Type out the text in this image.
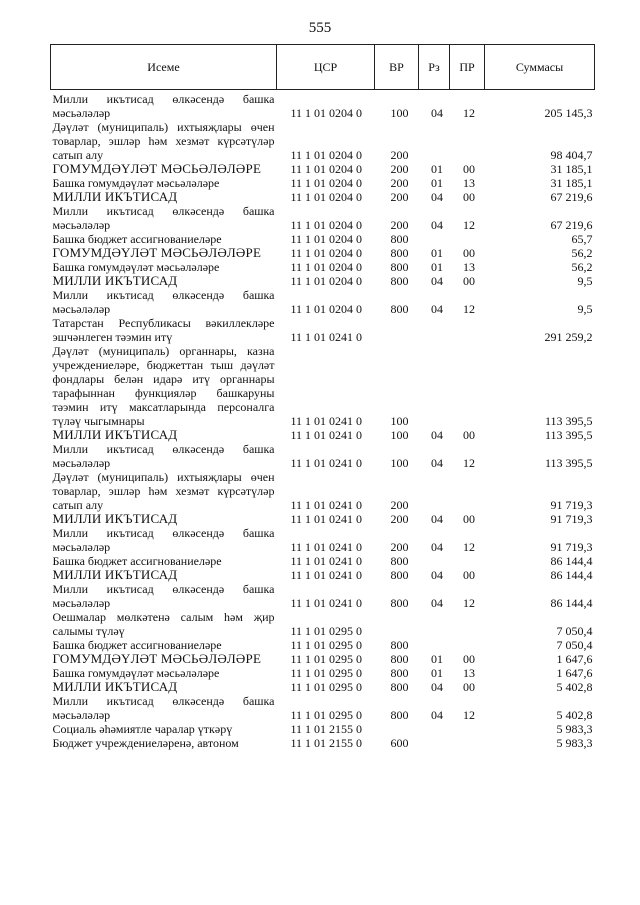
555
Исеме	ЦСР	ВР	Рз	ПР	Суммасы
Милли икътисад өлкәсендә башка мәсьәләләр	11 1 01 0204 0	100	04	12	205 145,3
Дәүләт (муниципаль) ихтыяҗлары өчен товарлар, эшләр һәм хезмәт күрсәтүләр сатып алу	11 1 01 0204 0	200			98 404,7
ГОМУМДӘҮЛӘТ МӘСЬӘЛӘЛӘРЕ	11 1 01 0204 0	200	01	00	31 185,1
Башка гомумдәүләт мәсьәләләре	11 1 01 0204 0	200	01	13	31 185,1
МИЛЛИ ИКЪТИСАД	11 1 01 0204 0	200	04	00	67 219,6
Милли икътисад өлкәсендә башка мәсьәләләр	11 1 01 0204 0	200	04	12	67 219,6
Башка бюджет ассигнованиеләре	11 1 01 0204 0	800			65,7
ГОМУМДӘҮЛӘТ МӘСЬӘЛӘЛӘРЕ	11 1 01 0204 0	800	01	00	56,2
Башка гомумдәүләт мәсьәләләре	11 1 01 0204 0	800	01	13	56,2
МИЛЛИ ИКЪТИСАД	11 1 01 0204 0	800	04	00	9,5
Милли икътисад өлкәсендә башка мәсьәләләр	11 1 01 0204 0	800	04	12	9,5
Татарстан Республикасы вәкиллекләре эшчәнлеген тәэмин итү	11 1 01 0241 0				291 259,2
Дәүләт (муниципаль) органнары, казна учреждениеләре, бюджеттан тыш дәүләт фондлары белән идарә итү органнары тарафыннан функцияләр башкаруны тәэмин итү максатларында персоналга түләү чыгымнары	11 1 01 0241 0	100			113 395,5
МИЛЛИ ИКЪТИСАД	11 1 01 0241 0	100	04	00	113 395,5
Милли икътисад өлкәсендә башка мәсьәләләр	11 1 01 0241 0	100	04	12	113 395,5
Дәүләт (муниципаль) ихтыяҗлары өчен товарлар, эшләр һәм хезмәт күрсәтүләр сатып алу	11 1 01 0241 0	200			91 719,3
МИЛЛИ ИКЪТИСАД	11 1 01 0241 0	200	04	00	91 719,3
Милли икътисад өлкәсендә башка мәсьәләләр	11 1 01 0241 0	200	04	12	91 719,3
Башка бюджет ассигнованиеләре	11 1 01 0241 0	800			86 144,4
МИЛЛИ ИКЪТИСАД	11 1 01 0241 0	800	04	00	86 144,4
Милли икътисад өлкәсендә башка мәсьәләләр	11 1 01 0241 0	800	04	12	86 144,4
Оешмалар мөлкәтенә салым һәм җир салымы түләү	11 1 01 0295 0				7 050,4
Башка бюджет ассигнованиеләре	11 1 01 0295 0	800			7 050,4
ГОМУМДӘҮЛӘТ МӘСЬӘЛӘЛӘРЕ	11 1 01 0295 0	800	01	00	1 647,6
Башка гомумдәүләт мәсьәләләре	11 1 01 0295 0	800	01	13	1 647,6
МИЛЛИ ИКЪТИСАД	11 1 01 0295 0	800	04	00	5 402,8
Милли икътисад өлкәсендә башка мәсьәләләр	11 1 01 0295 0	800	04	12	5 402,8
Социаль әһәмиятле чаралар үткәрү	11 1 01 2155 0				5 983,3
Бюджет учреждениеләренә, автоном	11 1 01 2155 0	600			5 983,3
